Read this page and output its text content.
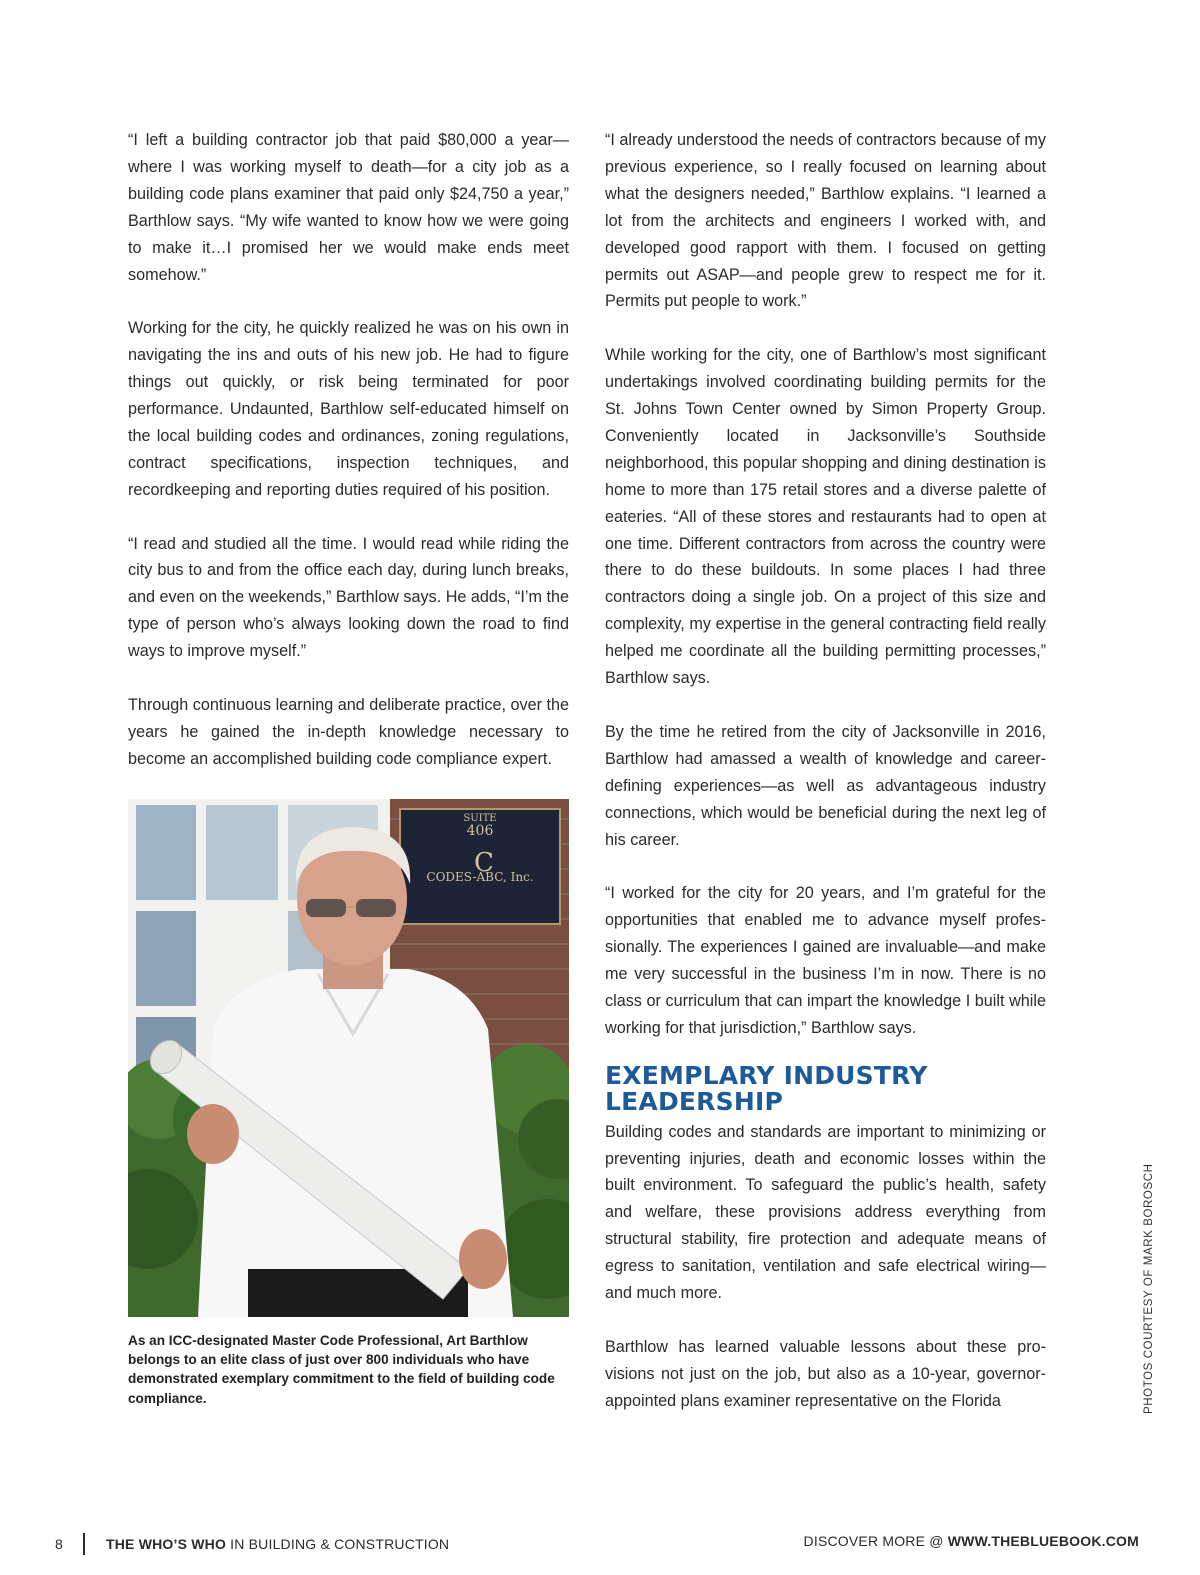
“I left a building contractor job that paid $80,000 a year—where I was working myself to death—for a city job as a building code plans examiner that paid only $24,750 a year,” Barthlow says. “My wife wanted to know how we were going to make it…I promised her we would make ends meet somehow.”

Working for the city, he quickly realized he was on his own in navigating the ins and outs of his new job. He had to figure things out quickly, or risk being terminated for poor performance. Undaunted, Barthlow self-educated himself on the local building codes and ordinances, zoning regulations, contract specifications, inspection techniques, and recordkeeping and reporting duties required of his position.

“I read and studied all the time. I would read while riding the city bus to and from the office each day, during lunch breaks, and even on the weekends,” Barthlow says. He adds, “I’m the type of person who’s always looking down the road to find ways to improve myself.”

Through continuous learning and deliberate practice, over the years he gained the in-depth knowledge necessary to become an accomplished building code compliance expert.

SUITE
406
C
CODES-ABC, Inc.
As an ICC-designated Master Code Professional, Art Barthlow belongs to an elite class of just over 800 individuals who have demonstrated exemplary commitment to the field of building code compliance.

“I already understood the needs of contractors because of my previous experience, so I really focused on learning about what the designers needed,” Barthlow explains. “I learned a lot from the architects and engineers I worked with, and developed good rapport with them. I focused on getting permits out ASAP—and people grew to respect me for it. Permits put people to work.”

While working for the city, one of Barthlow’s most significant undertakings involved coordinating building permits for the St. Johns Town Center owned by Simon Property Group. Conveniently located in Jacksonville’s Southside neighborhood, this popular shopping and dining destination is home to more than 175 retail stores and a diverse palette of eateries. “All of these stores and restaurants had to open at one time. Different contractors from across the country were there to do these buildouts. In some places I had three contractors doing a single job. On a project of this size and complexity, my expertise in the general contracting field really helped me coordinate all the building permitting processes,” Barthlow says.

By the time he retired from the city of Jacksonville in 2016, Barthlow had amassed a wealth of knowledge and career-defining experiences—as well as advantageous industry connections, which would be beneficial during the next leg of his career.

“I worked for the city for 20 years, and I’m grateful for the opportunities that enabled me to advance myself professionally. The experiences I gained are invaluable—and make me very successful in the business I’m in now. There is no class or curriculum that can impart the knowledge I built while working for that jurisdiction,” Barthlow says.

EXEMPLARY INDUSTRY
LEADERSHIP

Building codes and standards are important to minimizing or preventing injuries, death and economic losses within the built environment. To safeguard the public’s health, safety and welfare, these provisions address everything from structural stability, fire protection and adequate means of egress to sanitation, ventilation and safe electrical wiring—and much more.

Barthlow has learned valuable lessons about these provisions not just on the job, but also as a 10-year, governor-appointed plans examiner representative on the Florida	PHOTOS COURTESY OF MARK BOROSCH
8	THE WHO’S WHO IN BUILDING & CONSTRUCTION	DISCOVER MORE @ WWW.THEBLUEBOOK.COM
